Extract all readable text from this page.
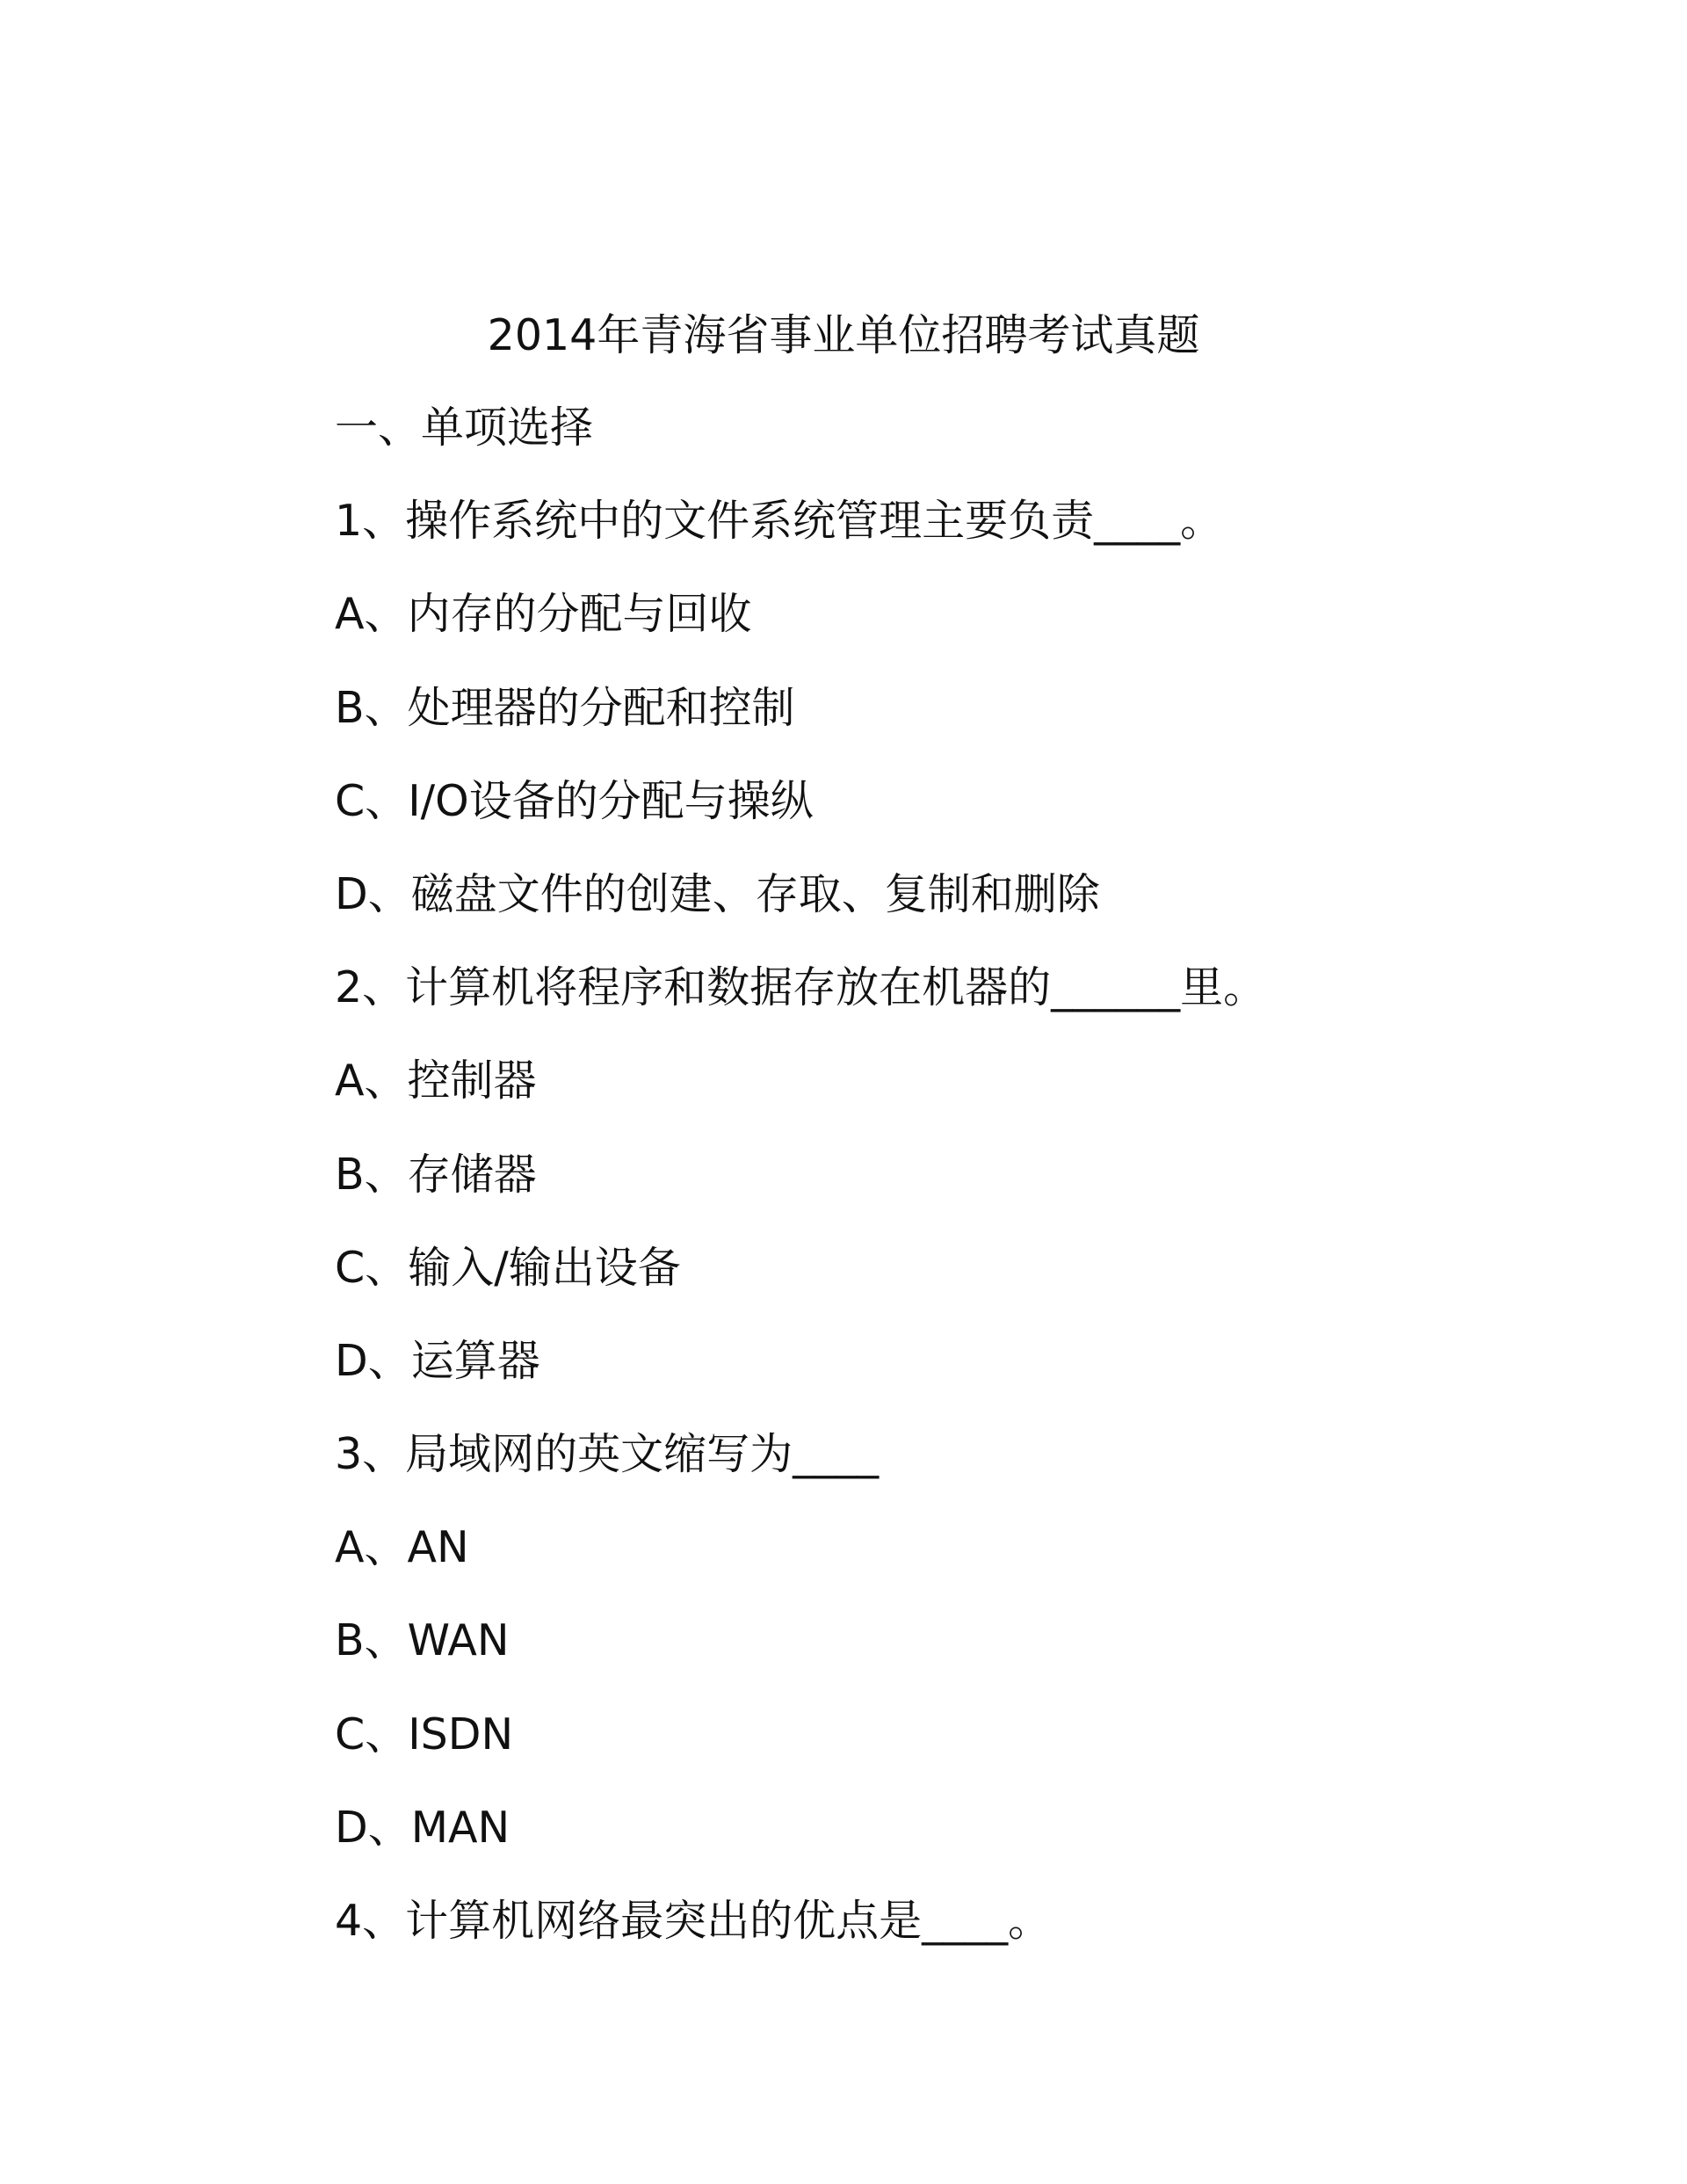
2014年青海省事业单位招聘考试真题
一、单项选择
1、操作系统中的文件系统管理主要负责____。
A、内存的分配与回收
B、处理器的分配和控制
C、I/O设备的分配与操纵
D、磁盘文件的创建、存取、复制和删除
2、计算机将程序和数据存放在机器的______里。
A、控制器
B、存储器
C、输入/输出设备
D、运算器
3、局域网的英文缩写为____
A、AN
B、WAN
C、ISDN
D、MAN
4、计算机网络最突出的优点是____。
